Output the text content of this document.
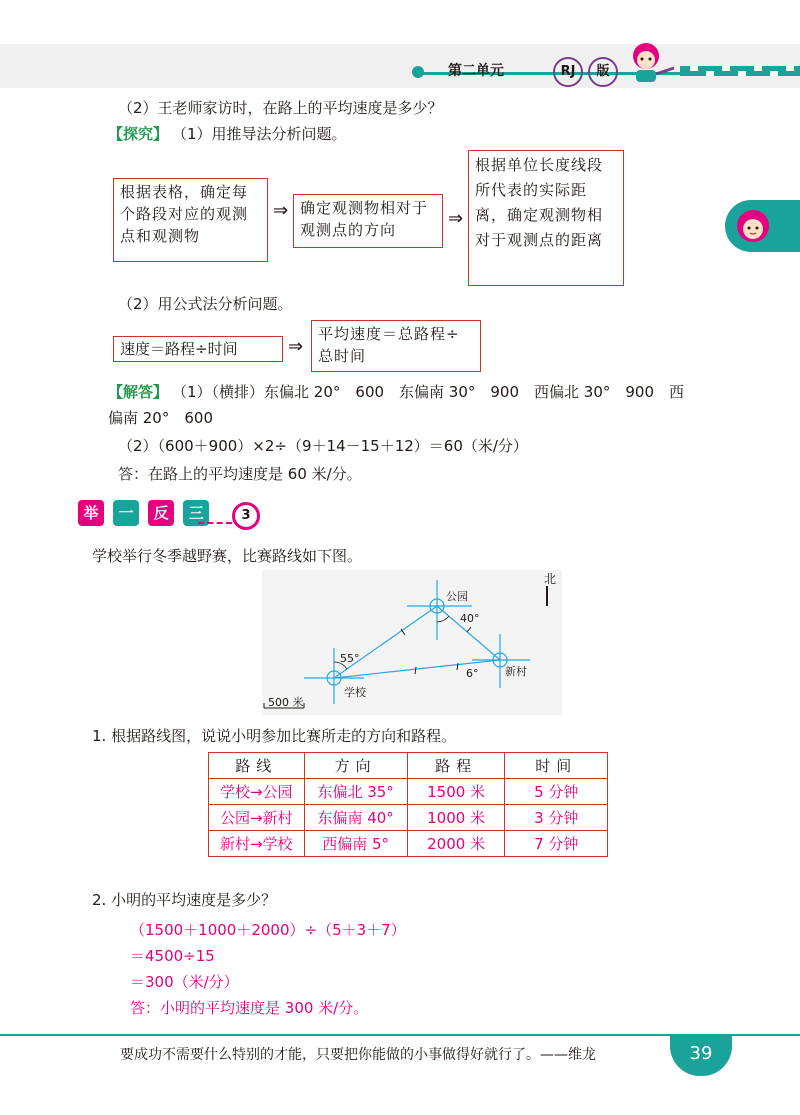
第二单元	RJ	版
（2）王老师家访时，在路上的平均速度是多少？
【探究】 （1）用推导法分析问题。
根据表格，确定每个路段对应的观测点和观测物
⇒ 确定观测物相对于观测点的方向
⇒
根据单位长度线段所代表的实际距离，确定观测物相对于观测点的距离
（2）用公式法分析问题。
速度＝路程÷时间	⇒
平均速度＝总路程÷总时间
【解答】 （1）（横排）东偏北 20°　600　东偏南 30°　900　西偏北 30°　900　西
偏南 20°　600
（2）（600＋900）×2÷（9＋14－15＋12）＝60（米/分）
答：在路上的平均速度是 60 米/分。
举 一 反 三	3
学校举行冬季越野赛，比赛路线如下图。
北
公园
新村
学校
55°
40°
6°
500 米
1. 根据路线图，说说小明参加比赛所走的方向和路程。
路线	方向	路程	时间
学校→公园	东偏北 35°	1500 米	5 分钟
公园→新村	东偏南 40°	1000 米	3 分钟
新村→学校	西偏南 5°	2000 米	7 分钟
2. 小明的平均速度是多少？
（1500＋1000＋2000）÷（5＋3＋7）
＝4500÷15
＝300（米/分）
答：小明的平均速度是 300 米/分。
要成功不需要什么特别的才能，只要把你能做的小事做得好就行了。——维龙	39
